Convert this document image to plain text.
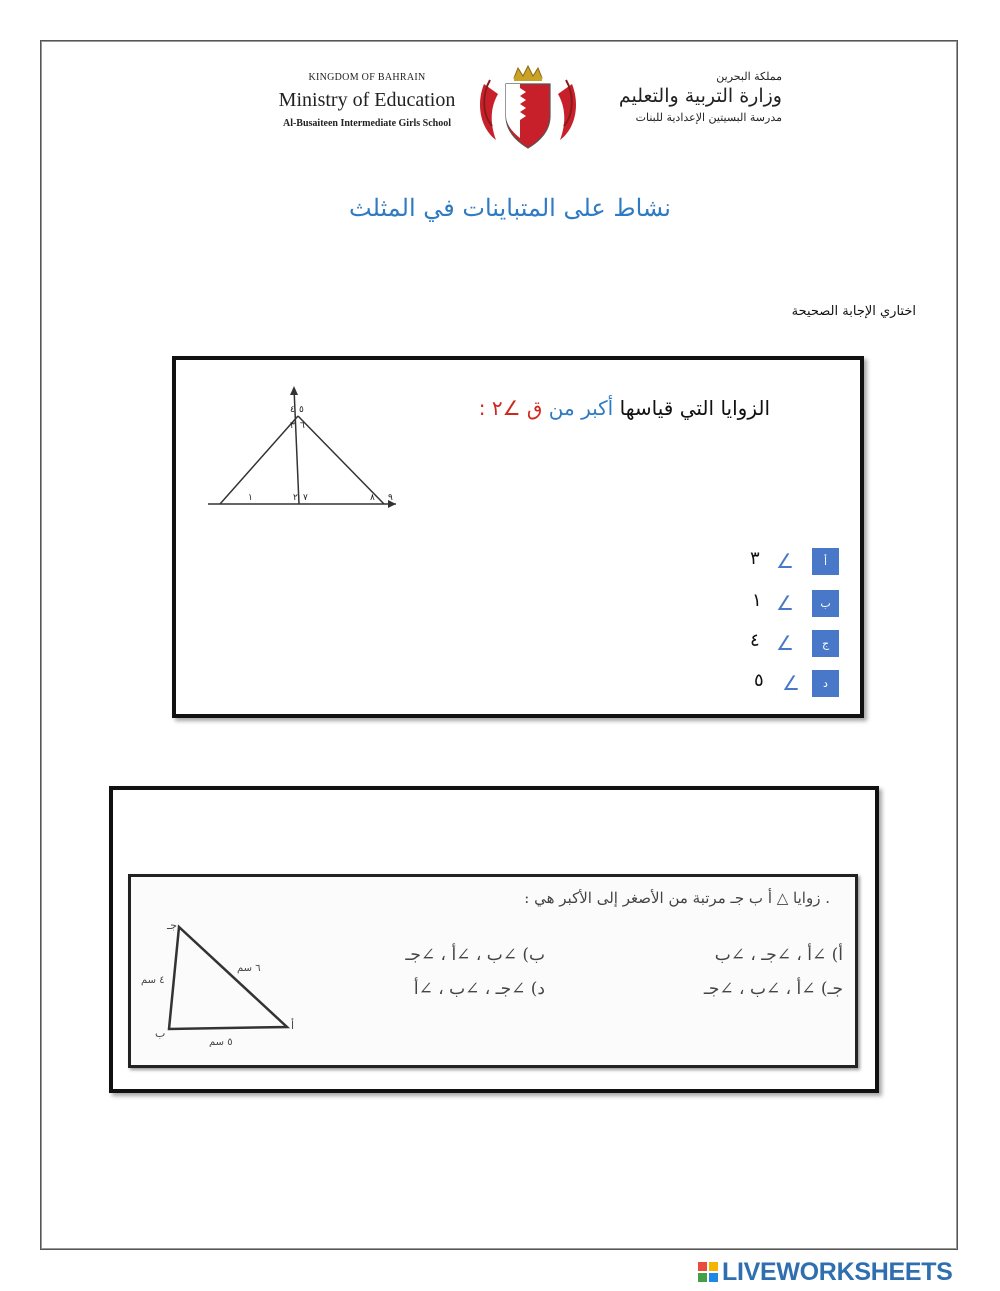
KINGDOM OF BAHRAIN
Ministry of Education
Al-Busaiteen Intermediate Girls School
مملكة البحرين
وزارة التربية والتعليم
مدرسة البسيتين الإعدادية للبنات
نشاط على المتباينات في المثلث
اختاري الإجابة الصحيحة
٤ ٥
٣ ٦
١	٢ ٧	٨ ٩
الزوايا التي قياسها أكبر من ق ∠٢ :
أ
∠
٣
ب
∠
١
ج
∠
٤
د
∠
٥
. زوايا △ أ ب جـ مرتبة من الأصغر إلى الأكبر هي :
أ) ∠أ ، ∠جـ ، ∠ب
ب) ∠ب ، ∠أ ، ∠جـ
جـ) ∠أ ، ∠ب ، ∠جـ
د) ∠جـ ، ∠ب ، ∠أ
جـ
ب
أ
٦ سم
٤ سم
٥ سم
LIVEWORKSHEETS
